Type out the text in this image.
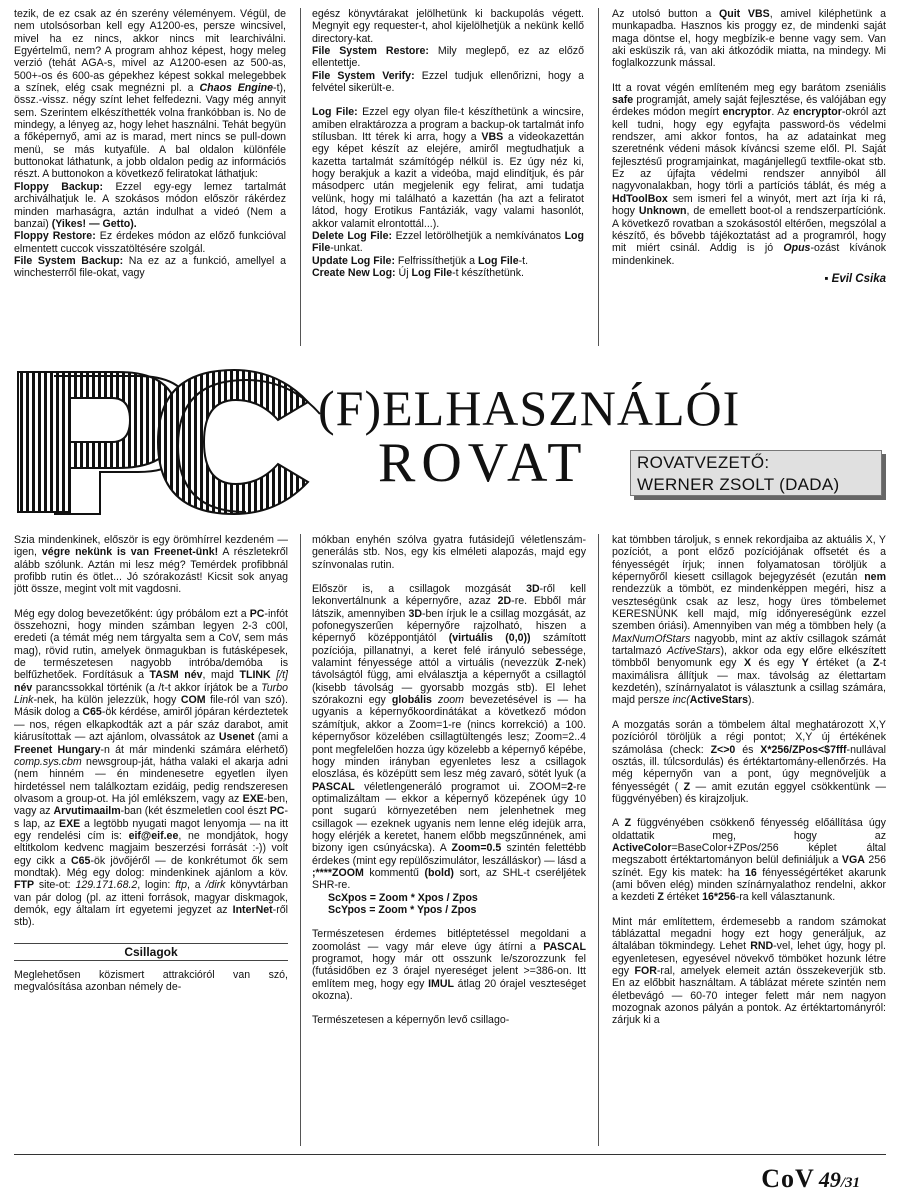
tezik, de ez csak az én szerény véleményem. Végül, de nem utolsósorban kell egy A1200-es, persze wincsivel, mivel ha ez nincs, akkor nincs mit learchiválni. Egyértelmű, nem? A program ahhoz képest, hogy meleg verzió (tehát AGA-s, mivel az A1200-esen az 500-as, 500+-os és 600-as gépekhez képest sokkal melegebbek a színek, elég csak megnézni pl. a Chaos Engine-t), össz.-vissz. négy színt lehet felfedezni. Vagy még annyit sem. Szerintem elkészíthették volna frankóbban is. No de mindegy, a lényeg az, hogy lehet használni. Tehát begyün a főképernyő, ami az is marad, mert nincs se pull-down menü, se más kutyafüle. A bal oldalon különféle buttonokat láthatunk, a jobb oldalon pedig az információs részt. A buttonokon a következő feliratokat láthatjuk:
Floppy Backup: Ezzel egy-egy lemez tartalmát archiválhatjuk le. A szokásos módon először rákérdez minden marhaságra, aztán indulhat a videó (Nem a banzai) (Yikes! — Getto).
Floppy Restore: Ez érdekes módon az előző funkcióval elmentett cuccok visszatöltésére szolgál.
File System Backup: Na ez az a funkció, amellyel a winchesterről file-okat, vagy

egész könyvtárakat jelölhetünk ki backupolás végett. Megnyit egy requester-t, ahol kijelölhetjük a nekünk kellő directory-kat.
File System Restore: Mily meglepő, ez az előző ellentettje.
File System Verify: Ezzel tudjuk ellenőrizni, hogy a felvétel sikerült-e.

Log File: Ezzel egy olyan file-t készíthetünk a wincsire, amiben elraktározza a program a backup-ok tartalmát info stílusban. Itt térek ki arra, hogy a VBS a videokazettán egy képet készít az elejére, amiről megtudhatjuk a kazetta tartalmát számítógép nélkül is. Ez úgy néz ki, hogy berakjuk a kazit a videóba, majd elindítjuk, és pár másodperc után megjelenik egy felirat, ami tudatja velünk, hogy mi található a kazettán (ha azt a feliratot látod, hogy Erotikus Fantáziák, vagy valami hasonlót, akkor valamit elrontottál...).
Delete Log File: Ezzel letörölhetjük a nemkívánatos Log File-unkat.
Update Log File: Felfrissíthetjük a Log File-t.
Create New Log: Új Log File-t készíthetünk.

Az utolsó button a Quit VBS, amivel kiléphetünk a munkapadba. Hasznos kis proggy ez, de mindenki saját maga döntse el, hogy megbízik-e benne vagy sem. Van aki esküszik rá, van aki átkozódik miatta, na mindegy. Mi foglalkozzunk mással.

Itt a rovat végén említeném meg egy barátom zseniális safe programját, amely saját fejlesztése, és valójában egy érdekes módon megírt encryptor. Az encryptor-okról azt kell tudni, hogy egy egyfajta password-ös védelmi rendszer, ami akkor fontos, ha az adatainkat meg szeretnénk védeni mások kíváncsi szeme elől. Pl. Saját fejlesztésű programjainkat, magánjellegű textfile-okat stb. Ez az újfajta védelmi rendszer annyiból áll nagyvonalakban, hogy törli a partíciós táblát, és még a HdToolBox sem ismeri fel a winyót, mert azt írja ki rá, hogy Unknown, de emellett boot-ol a rendszerpartíciónk. A következő rovatban a szokásostól eltérően, megszólal a készítő, és bővebb tájékoztatást ad a programról, hogy mit miért csinál. Addig is jó Opus-ozást kívánok mindenkinek.

▪ Evil Csika
(F)ELHASZNÁLÓI
ROVAT	ROVATVEZETŐ:
WERNER ZSOLT (DADA)

Szia mindenkinek, először is egy örömhírrel kezdeném — igen, végre nekünk is van Freenet-ünk! A részletekről alább szólunk. Aztán mi lesz még? Temérdek profibbnál profibb rutin és ötlet... Jó szórakozást! Kicsit sok anyag jött össze, megint volt mit vagdosni.

Még egy dolog bevezetőként: úgy próbálom ezt a PC-infót összehozni, hogy minden számban legyen 2-3 c00l, eredeti (a témát még nem tárgyalta sem a CoV, sem más mag), rövid rutin, amelyek önmagukban is futásképesek, de természetesen nagyobb intróba/demóba is belfűzhetőek. Fordításuk a TASM név, majd TLINK [/t] név parancssokkal történik (a /t-t akkor írjátok be a Turbo Link-nek, ha külön jelezzük, hogy COM file-ról van szó). Másik dolog a C65-ök kérdése, amiről jópáran kérdeztetek — nos, régen elkapkodták azt a pár száz darabot, amit kiárusítottak — azt ajánlom, olvassátok az Usenet (ami a Freenet Hungary-n át már mindenki számára elérhető) comp.sys.cbm newsgroup-ját, hátha valaki el akarja adni (nem hinném — én mindenesetre egyetlen ilyen hirdetéssel nem találkoztam ezidáig, pedig rendszeresen olvasom a group-ot. Ha jól emlékszem, vagy az EXE-ben, vagy az Arvutimaailm-ban (két észmeletlen cool észt PC-s lap, az EXE a legtöbb nyugati magot lenyomja — na itt egy rendelési cím is: eif@eif.ee, ne mondjátok, hogy eltitkolom kedvenc magjaim beszerzési forrását :-)) volt egy cikk a C65-ök jövőjéről — de konkrétumot ők sem mondtak). Még egy dolog: mindenkinek ajánlom a köv. FTP site-ot: 129.171.68.2, login: ftp, a /dirk könyvtárban van pár dolog (pl. az itteni források, magyar diskmagok, demók, egy általam írt egyetemi jegyzet az InterNet-ről stb).

Csillagok

Meglehetősen közismert attrakcióról van szó, megvalósítása azonban némely de-

mókban enyhén szólva gyatra futásidejű véletlenszám-generálás stb. Nos, egy kis elméleti alapozás, majd egy színvonalas rutin.

Először is, a csillagok mozgását 3D-ről kell lekonvertálnunk a képernyőre, azaz 2D-re. Ebből már látszik, amennyiben 3D-ben írjuk le a csillag mozgását, az pofonegyszerűen képernyőre rajzolható, hiszen a képernyő középpontjától (virtuális (0,0)) számított pozíciója, pillanatnyi, a keret felé irányuló sebessége, valamint fényessége attól a virtuális (nevezzük Z-nek) távolságtól függ, ami elválasztja a képernyőt a csillagtól (kisebb távolság — gyorsabb mozgás stb). El lehet szórakozni egy globális zoom bevezetésével is — ha ugyanis a képernyőkoordinátákat a következő módon számítjuk, akkor a Zoom=1-re (nincs korrekció) a 100. képernyősor közelében csillagtültengés lesz; Zoom=2..4 pont megfelelően hozza úgy közelebb a képernyő képébe, hogy minden irányban egyenletes lesz a csillagok eloszlása, és középütt sem lesz még zavaró, sötét lyuk (a PASCAL véletlengeneráló programot ui. ZOOM=2-re optimalizáltam — ekkor a képernyő közepének úgy 10 pont sugarú környezetében nem jelenhetnek meg csillagok — ezeknek ugyanis nem lenne elég idejük arra, hogy elérjék a keretet, hanem előbb megszűnnének, ami bizony igen csúnyácska). A Zoom=0.5 szintén felettébb érdekes (mint egy repülőszimulátor, leszálláskor) — lásd a ;****ZOOM kommentű (bold) sort, az SHL-t cseréljétek SHR-re.

ScXpos = Zoom * Xpos / Zpos
ScYpos = Zoom * Ypos / Zpos

Természetesen érdemes bitléptetéssel megoldani a zoomolást — vagy már eleve úgy átírni a PASCAL programot, hogy már ott osszunk le/szorozzunk fel (futásidőben ez 3 órajel nyereséget jelent >=386-on. Itt említem meg, hogy egy IMUL átlag 20 órajel veszteséget okozna).

Természetesen a képernyőn levő csillago-

kat tömbben tároljuk, s ennek rekordjaiba az aktuális X, Y pozíciót, a pont előző pozíciójának offsetét és a fényességét írjuk; innen folyamatosan töröljük a képernyőről kiesett csillagok bejegyzését (ezután nem rendezzük a tömböt, ez mindenképpen megéri, hisz a veszteségünk csak az lesz, hogy üres tömbelemet KERESNÜNK kell majd, míg időnyereségünk ezzel szemben óriási). Amennyiben van még a tömbben hely (a MaxNumOfStars nagyobb, mint az aktív csillagok számát tartalmazó ActiveStars), akkor oda egy előre elkészített tömbből benyomunk egy X és egy Y értéket (a Z-t maximálisra állítjuk — max. távolság az élettartam kezdetén), színárnyalatot is választunk a csillag számára, majd persze inc(ActiveStars).

A mozgatás során a tömbelem által meghatározott X,Y pozícióról töröljük a régi pontot; X,Y új értékének számolása (check: Z<>0 és X*256/ZPos<$7fff-nullával osztás, ill. túlcsordulás) és értéktartomány-ellenőrzés. Ha még képernyőn van a pont, úgy megnöveljük a fényességét ( Z — amit ezután eggyel csökkentünk — függvényében) és kirajzoljuk.

A Z függvényében csökkenő fényesség előállítása úgy oldattatik meg, hogy az ActiveColor=BaseColor+ZPos/256 képlet által megszabott értéktartományon belül definiáljuk a VGA 256 színét. Egy kis matek: ha 16 fényességértéket akarunk (ami bőven elég) minden színárnyalathoz rendelni, akkor a kezdeti Z értéket 16*256-ra kell választanunk.

Mint már említettem, érdemesebb a random számokat táblázattal megadni hogy ezt hogy generáljuk, az általában tökmindegy. Lehet RND-vel, lehet úgy, hogy pl. egyenletesen, egyesével növekvő tömböket hozunk létre egy FOR-ral, amelyek elemeit aztán összekeverjük stb. En az előbbit használtam. A táblázat mérete szintén nem életbevágó — 60-70 integer felett már nem nagyon mozognak azonos pályán a pontok. Az értéktartományról: zárjuk ki a

CoV 49/31
